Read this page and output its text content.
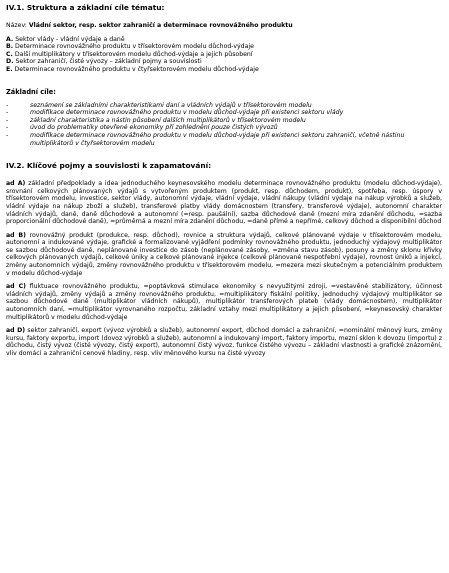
IV.1. Struktura a základní cíle tématu:

Název: Vládní sektor, resp. sektor zahraničí a determinace rovnovážného produktu

A. Sektor vlády - vládní výdaje a daně

B. Determinace rovnovážného produktu v třísektorovém modelu důchod-výdaje

C. Další multiplikátory v třísektorovém modelu důchod-výdaje a jejich působení

D. Sektor zahraničí, čisté vývozy – základní pojmy a souvislosti

E. Determinace rovnovážného produktu v čtyřsektorovém modelu důchod-výdaje

Základní cíle:

-	seznámení se základními charakteristikami daní a vládních výdajů v třísektorovém modelu
-	modifikace determinace rovnovážného produktu v modelu důchod-výdaje při existenci sektoru vlády
-	základní charakteristika a nástin působení dalších multiplikátorů v třísektorovém modelu
-	úvod do problematiky otevřené ekonomiky při zohlednění pouze čistých vývozů
-	modifikace determinace rovnovážného produktu v modelu důchod-výdaje při existenci sektoru zahraničí, včetně nástinu multiplikátorů v čtyřsektorovém modelu

IV.2. Klíčové pojmy a souvislosti k zapamatování:

ad A) základní předpoklady a idea jednoduchého keynesovského modelu determinace rovnovážného produktu (modelu důchod-výdaje), srovnání celkových plánovaných výdajů s vytvořeným produktem (produkt, resp. důchodem, produkt), spotřeba, resp. úspory v třísektorovém modelu, investice, sektor vlády, autonomní výdaje, vládní výdaje, vládní nákupy (vládní výdaje na nákup výrobků a služeb, vládní výdaje na nákup zboží a služeb), transferové platby vlády domácnostem (transfery, transferové výdaje), autonomní charakter vládních výdajů, daně, daně důchodové a autonomní (=resp. paušální), sazba důchodové daně (mezní míra zdanění důchodu, =sazba proporcionální důchodové daně), =průměrná a mezní míra zdanění důchodu, =daně přímé a nepřímé, celkový důchod a disponibilní důchod

ad B) rovnovážný produkt (produkce, resp. důchod), rovnice a struktura výdajů, celkové plánované výdaje v třísektorovém modelu, autonomní a indukované výdaje, grafické a formalizované vyjádření podmínky rovnovážného produktu, jednoduchý výdajový multiplikátor se sazbou důchodové daně, neplánované investice do zásob (neplánované zásoby, =změna stavu zásob), posuny a změny sklonu křivky celkových plánovaných výdajů, celkové úniky a celkové plánované injekce (celkové plánované nespotřební výdaje), rovnost úniků a injekcí, změny autonomních výdajů, změny rovnovážného produktu v třísektorovém modelu, =mezera mezi skutečným a potenciálním produktem v modelu důchod-výdaje

ad C) fluktuace rovnovážného produktu, =poptávková stimulace ekonomiky s nevyužitými zdroji, =vestavěné stabilizátory, účinnost vládních výdajů, změny výdajů a změny rovnovážného produktu, =multiplikátory fiskální politiky, jednoduchý výdajový multiplikátor se sazbou důchodové daně (multiplikátor vládních nákupů), multiplikátor transferových plateb (vlády domácnostem), multiplikátor autonomních daní, =multiplikátor vyrovnaného rozpočtu, základní vztahy mezi multiplikátory a jejich působení, =keynesovský charakter multiplikátorů v modelu důchod-výdaje

ad D) sektor zahraničí, export (vývoz výrobků a služeb), autonomní export, důchod domácí a zahraniční, =nominální měnový kurs, změny kursu, faktory exportu, import (dovoz výrobků a služeb), autonomní a indukovaný import, faktory importu, mezní sklon k dovozu (importu) z důchodu, čistý vývoz (čisté vývozy, čistý export), autonomní čistý vývoz, funkce čistého vývozu – základní vlastnosti a grafické znázornění, vliv domácí a zahraniční cenové hladiny, resp. vliv měnového kursu na čisté vývozy
